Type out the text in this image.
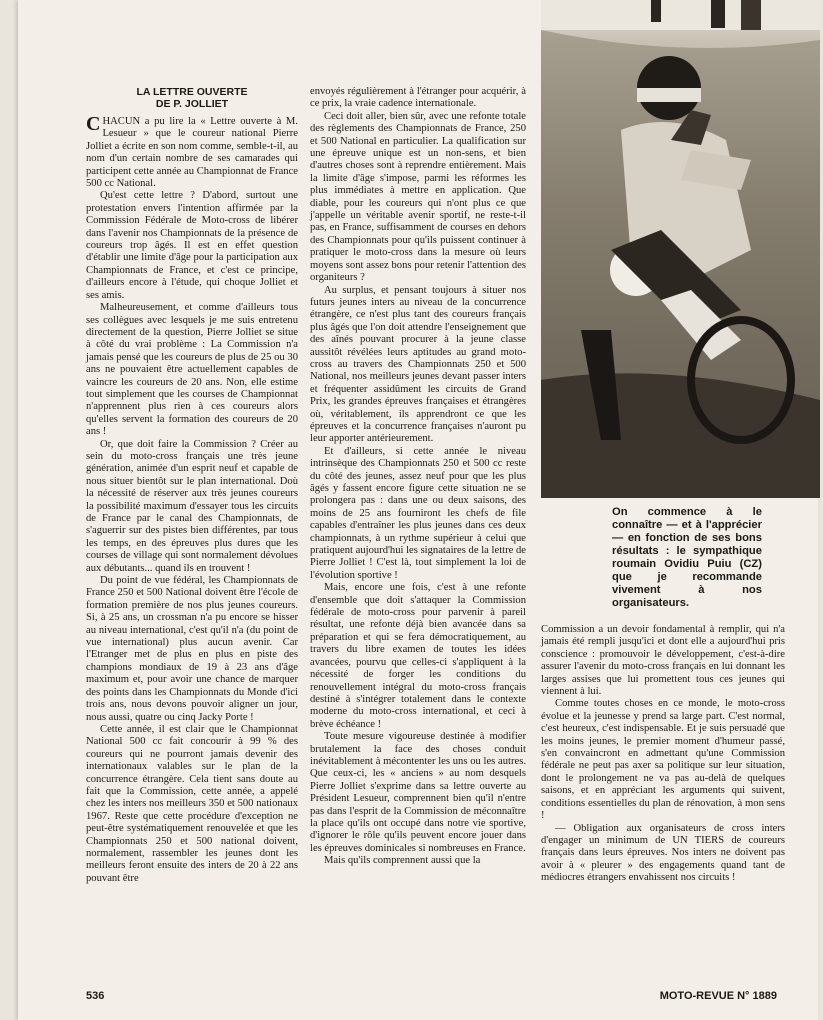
LA LETTRE OUVERTE
DE P. JOLLIET

CHACUN a pu lire la « Lettre ouverte à M. Lesueur » que le coureur national Pierre Jolliet a écrite en son nom comme, semble-t-il, au nom d'un certain nombre de ses camarades qui participent cette année au Championnat de France 500 cc National.

Qu'est cette lettre ? D'abord, surtout une protestation envers l'intention affirmée par la Commission Fédérale de Moto-cross de libérer dans l'avenir nos Championnats de la présence de coureurs trop âgés. Il est en effet question d'établir une limite d'âge pour la participation aux Championnats de France, et c'est ce principe, d'ailleurs encore à l'étude, qui choque Jolliet et ses amis.

Malheureusement, et comme d'ailleurs tous ses collègues avec lesquels je me suis entretenu directement de la question, Pierre Jolliet se situe à côté du vrai problème : La Commission n'a jamais pensé que les coureurs de plus de 25 ou 30 ans ne pouvaient être actuellement capables de vaincre les coureurs de 20 ans. Non, elle estime tout simplement que les courses de Championnat n'apprennent plus rien à ces coureurs alors qu'elles servent la formation des coureurs de 20 ans !

Or, que doit faire la Commission ? Créer au sein du moto-cross français une très jeune génération, animée d'un esprit neuf et capable de nous situer bientôt sur le plan international. Doù la nécessité de réserver aux très jeunes coureurs la possibilité maximum d'essayer tous les circuits de France par le canal des Championnats, de s'aguerrir sur des pistes bien différentes, par tous les temps, en des épreuves plus dures que les courses de village qui sont normalement dévolues aux débutants... quand ils en trouvent !

Du point de vue fédéral, les Championnats de France 250 et 500 National doivent être l'école de formation première de nos plus jeunes coureurs. Si, à 25 ans, un crossman n'a pu encore se hisser au niveau international, c'est qu'il n'a (du point de vue international) plus aucun avenir. Car l'Etranger met de plus en plus en piste des champions mondiaux de 19 à 23 ans d'âge maximum et, pour avoir une chance de marquer des points dans les Championnats du Monde d'ici trois ans, nous devons pouvoir aligner un jour, nous aussi, quatre ou cinq Jacky Porte !

Cette année, il est clair que le Championnat National 500 cc fait concourir à 99 % des coureurs qui ne pourront jamais devenir des internationaux valables sur le plan de la concurrence étrangère. Cela tient sans doute au fait que la Commission, cette année, a appelé chez les inters nos meilleurs 350 et 500 nationaux 1967. Reste que cette procédure d'exception ne peut-être systématiquement renouvelée et que les Championnats 250 et 500 national doivent, normalement, rassembler les jeunes dont les meilleurs feront ensuite des inters de 20 à 22 ans pouvant être

envoyés régulièrement à l'étranger pour acquérir, à ce prix, la vraie cadence internationale.

Ceci doit aller, bien sûr, avec une refonte totale des règlements des Championnats de France, 250 et 500 National en particulier. La qualification sur une épreuve unique est un non-sens, et bien d'autres choses sont à reprendre entièrement. Mais la limite d'âge s'impose, parmi les réformes les plus immédiates à mettre en application. Que diable, pour les coureurs qui n'ont plus ce que j'appelle un véritable avenir sportif, ne reste-t-il pas, en France, suffisamment de courses en dehors des Championnats pour qu'ils puissent continuer à pratiquer le moto-cross dans la mesure où leurs moyens sont assez bons pour retenir l'attention des organiteurs ?

Au surplus, et pensant toujours à situer nos futurs jeunes inters au niveau de la concurrence étrangère, ce n'est plus tant des coureurs français plus âgés que l'on doit attendre l'enseignement que des aînés pouvant procurer à la jeune classe aussitôt révélées leurs aptitudes au grand moto-cross au travers des Championnats 250 et 500 National, nos meilleurs jeunes devant passer inters et fréquenter assidûment les circuits de Grand Prix, les grandes épreuves françaises et étrangères où, véritablement, ils apprendront ce que les épreuves et la concurrence françaises n'auront pu leur apporter antérieurement.

Et d'ailleurs, si cette année le niveau intrinsèque des Championnats 250 et 500 cc reste du côté des jeunes, assez neuf pour que les plus âgés y fassent encore figure cette situation ne se prolongera pas : dans une ou deux saisons, des moins de 25 ans fourniront les chefs de file capables d'entraîner les plus jeunes dans ces deux championnats, à un rythme supérieur à celui que pratiquent aujourd'hui les signataires de la lettre de Pierre Jolliet ! C'est là, tout simplement la loi de l'évolution sportive !

Mais, encore une fois, c'est à une refonte d'ensemble que doit s'attaquer la Commission fédérale de moto-cross pour parvenir à pareil résultat, une refonte déjà bien avancée dans sa préparation et qui se fera démocratiquement, au travers du libre examen de toutes les idées avancées, pourvu que celles-ci s'appliquent à la nécessité de forger les conditions du renouvellement intégral du moto-cross français destiné à s'intégrer totalement dans le contexte moderne du moto-cross international, et ceci à brève échéance !

Toute mesure vigoureuse destinée à modifier brutalement la face des choses conduit inévitablement à mécontenter les uns ou les autres. Que ceux-ci, les « anciens » au nom desquels Pierre Jolliet s'exprime dans sa lettre ouverte au Président Lesueur, comprennent bien qu'il n'entre pas dans l'esprit de la Commission de méconnaître la place qu'ils ont occupé dans notre vie sportive, d'ignorer le rôle qu'ils peuvent encore jouer dans les épreuves dominicales si nombreuses en France.

Mais qu'ils comprennent aussi que la

On commence à le connaître — et à l'apprécier — en fonction de ses bons résultats : le sympathique roumain Ovidiu Puiu (CZ) que je recommande vivement à nos organisateurs.

Commission a un devoir fondamental à remplir, qui n'a jamais été rempli jusqu'ici et dont elle a aujourd'hui pris conscience : promouvoir le développement, c'est-à-dire assurer l'avenir du moto-cross français en lui donnant les larges assises que lui promettent tous ces jeunes qui viennent à lui.

Comme toutes choses en ce monde, le moto-cross évolue et la jeunesse y prend sa large part. C'est normal, c'est heureux, c'est indispensable. Et je suis persuadé que les moins jeunes, le premier moment d'humeur passé, s'en convaincront en admettant qu'une Commission fédérale ne peut pas axer sa politique sur leur situation, dont le prolongement ne va pas au-delà de quelques saisons, et en appréciant les arguments qui suivent, conditions essentielles du plan de rénovation, à mon sens !

— Obligation aux organisateurs de cross inters d'engager un minimum de UN TIERS de coureurs français dans leurs épreuves. Nos inters ne doivent pas avoir à « pleurer » des engagements quand tant de médiocres étrangers envahissent nos circuits !

536	MOTO-REVUE N° 1889
